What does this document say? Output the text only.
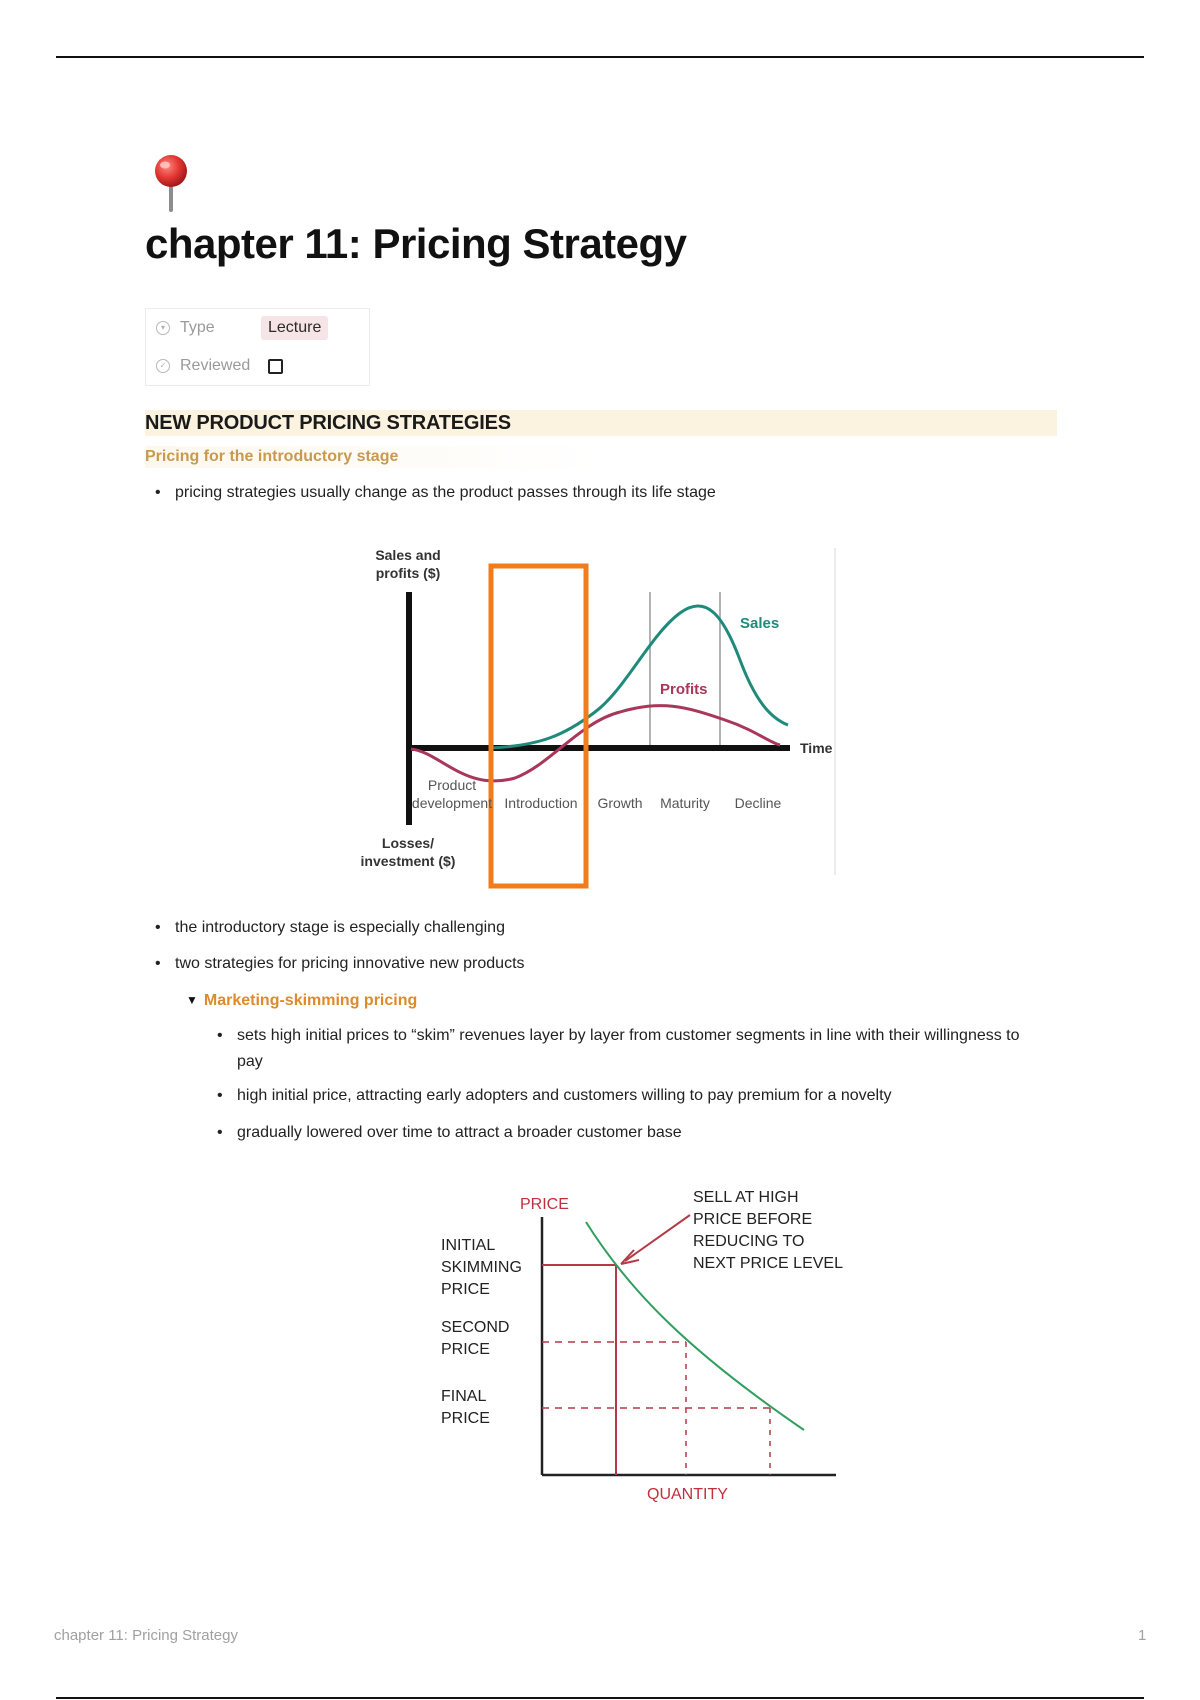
chapter 11: Pricing Strategy
▾ Type	Lecture
✓ Reviewed
NEW PRODUCT PRICING STRATEGIES
Pricing for the introductory stage
• pricing strategies usually change as the product passes through its life stage
Sales and
profits ($)
Sales
Profits
Time
Product
development Introduction Growth Maturity Decline
Losses/
investment ($)
• the introductory stage is especially challenging
• two strategies for pricing innovative new products
▼ Marketing-skimming pricing
• sets high initial prices to “skim” revenues layer by layer from customer segments in line with their willingness to pay
• high initial price, attracting early adopters and customers willing to pay premium for a novelty
• gradually lowered over time to attract a broader customer base
PRICE
QUANTITY
INITIAL
SKIMMING
PRICE
SECOND
PRICE
FINAL
PRICE
SELL AT HIGH
PRICE BEFORE
REDUCING TO
NEXT PRICE LEVEL
chapter 11: Pricing Strategy	1
